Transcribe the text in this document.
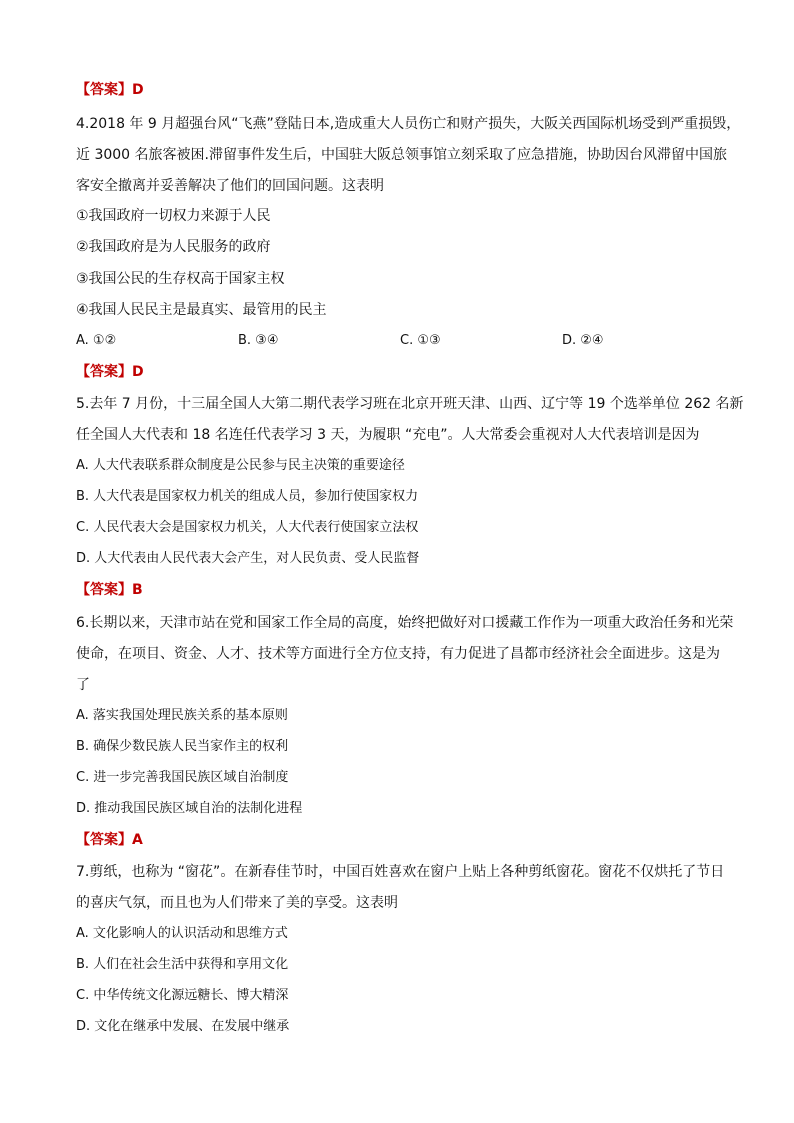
【答案】D
4.2018 年 9 月超强台风“飞燕”登陆日本,造成重大人员伤亡和财产损失，大阪关西国际机场受到严重损毁，
近 3000 名旅客被困.滞留事件发生后，中国驻大阪总领事馆立刻采取了应急措施，协助因台风滞留中国旅
客安全撤离并妥善解决了他们的回国问题。这表明
①我国政府一切权力来源于人民
②我国政府是为人民服务的政府
③我国公民的生存权高于国家主权
④我国人民民主是最真实、最管用的民主
A. ①②	B. ③④	C. ①③	D. ②④
【答案】D
5.去年 7 月份，十三届全国人大第二期代表学习班在北京开班天津、山西、辽宁等 19 个选举单位 262 名新
任全国人大代表和 18 名连任代表学习 3 天，为履职 “充电”。人大常委会重视对人大代表培训是因为
A. 人大代表联系群众制度是公民参与民主决策的重要途径
B. 人大代表是国家权力机关的组成人员，参加行使国家权力
C. 人民代表大会是国家权力机关，人大代表行使国家立法权
D. 人大代表由人民代表大会产生，对人民负责、受人民监督
【答案】B
6.长期以来，天津市站在党和国家工作全局的高度，始终把做好对口援藏工作作为一项重大政治任务和光荣
使命，在项目、资金、人才、技术等方面进行全方位支持，有力促进了昌都市经济社会全面进步。这是为
了
A. 落实我国处理民族关系的基本原则
B. 确保少数民族人民当家作主的权利
C. 进一步完善我国民族区域自治制度
D. 推动我国民族区域自治的法制化进程
【答案】A
7.剪纸，也称为 “窗花”。在新春佳节时，中国百姓喜欢在窗户上贴上各种剪纸窗花。窗花不仅烘托了节日
的喜庆气氛，而且也为人们带来了美的享受。这表明
A. 文化影响人的认识活动和思维方式
B. 人们在社会生活中获得和享用文化
C. 中华传统文化源远糖长、博大精深
D. 文化在继承中发展、在发展中继承
